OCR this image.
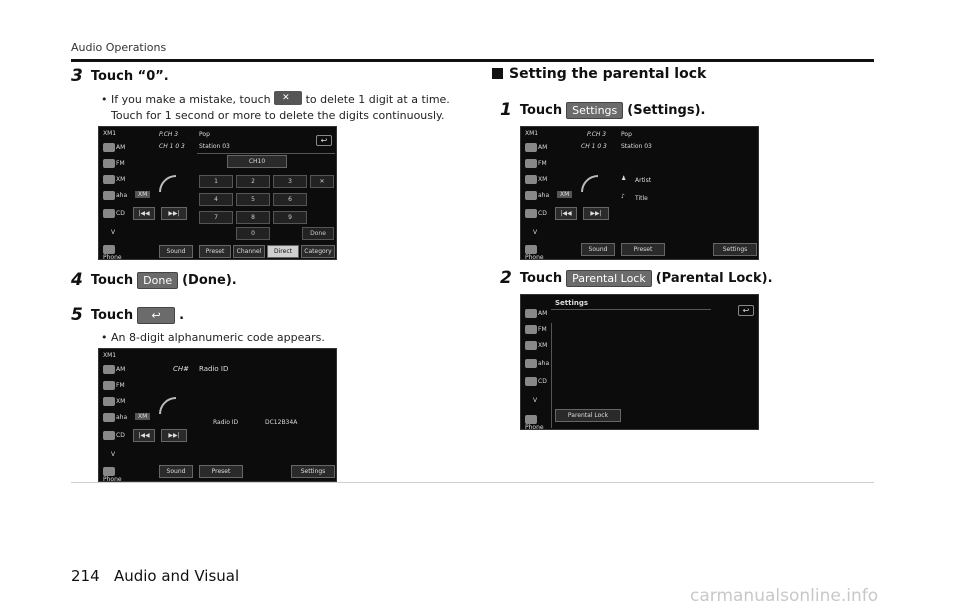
Audio Operations
3 Touch “0”.
• If you make a mistake, touch ✕ to delete 1 digit at a time.
Touch for 1 second or more to delete the digits continuously.
XM1
AM
FM
XM
aha
CD
V
Phone
P.CH 3	Pop
CH 1 0 3 Station 03
↩
XM
|◀◀	▶▶|
CH10
1	2	3	✕
4	5	6
7	8	9
0	Done
Sound	Preset	Channel	Direct	Category
4 Touch Done (Done).
5 Touch	↩	.
• An 8-digit alphanumeric code appears.
XM1
AM
FM
XM
aha
CD
V
Phone
CH# Radio ID
XM
|◀◀	▶▶|
Radio ID	DC12B34A
Sound	Preset	Settings
Setting the parental lock
1 Touch Settings (Settings).
XM1
AM
FM
XM
aha
CD
V
Phone
P.CH 3 Pop
CH 1 0 3 Station 03
XM
♟ Artist
♪ Title
|◀◀	▶▶|
Sound	Preset	Settings
2 Touch Parental Lock (Parental Lock).
AM
FM
XM
aha
CD
V
Phone
Settings
↩
Parental Lock
214 Audio and Visual
carmanualsonline.info
